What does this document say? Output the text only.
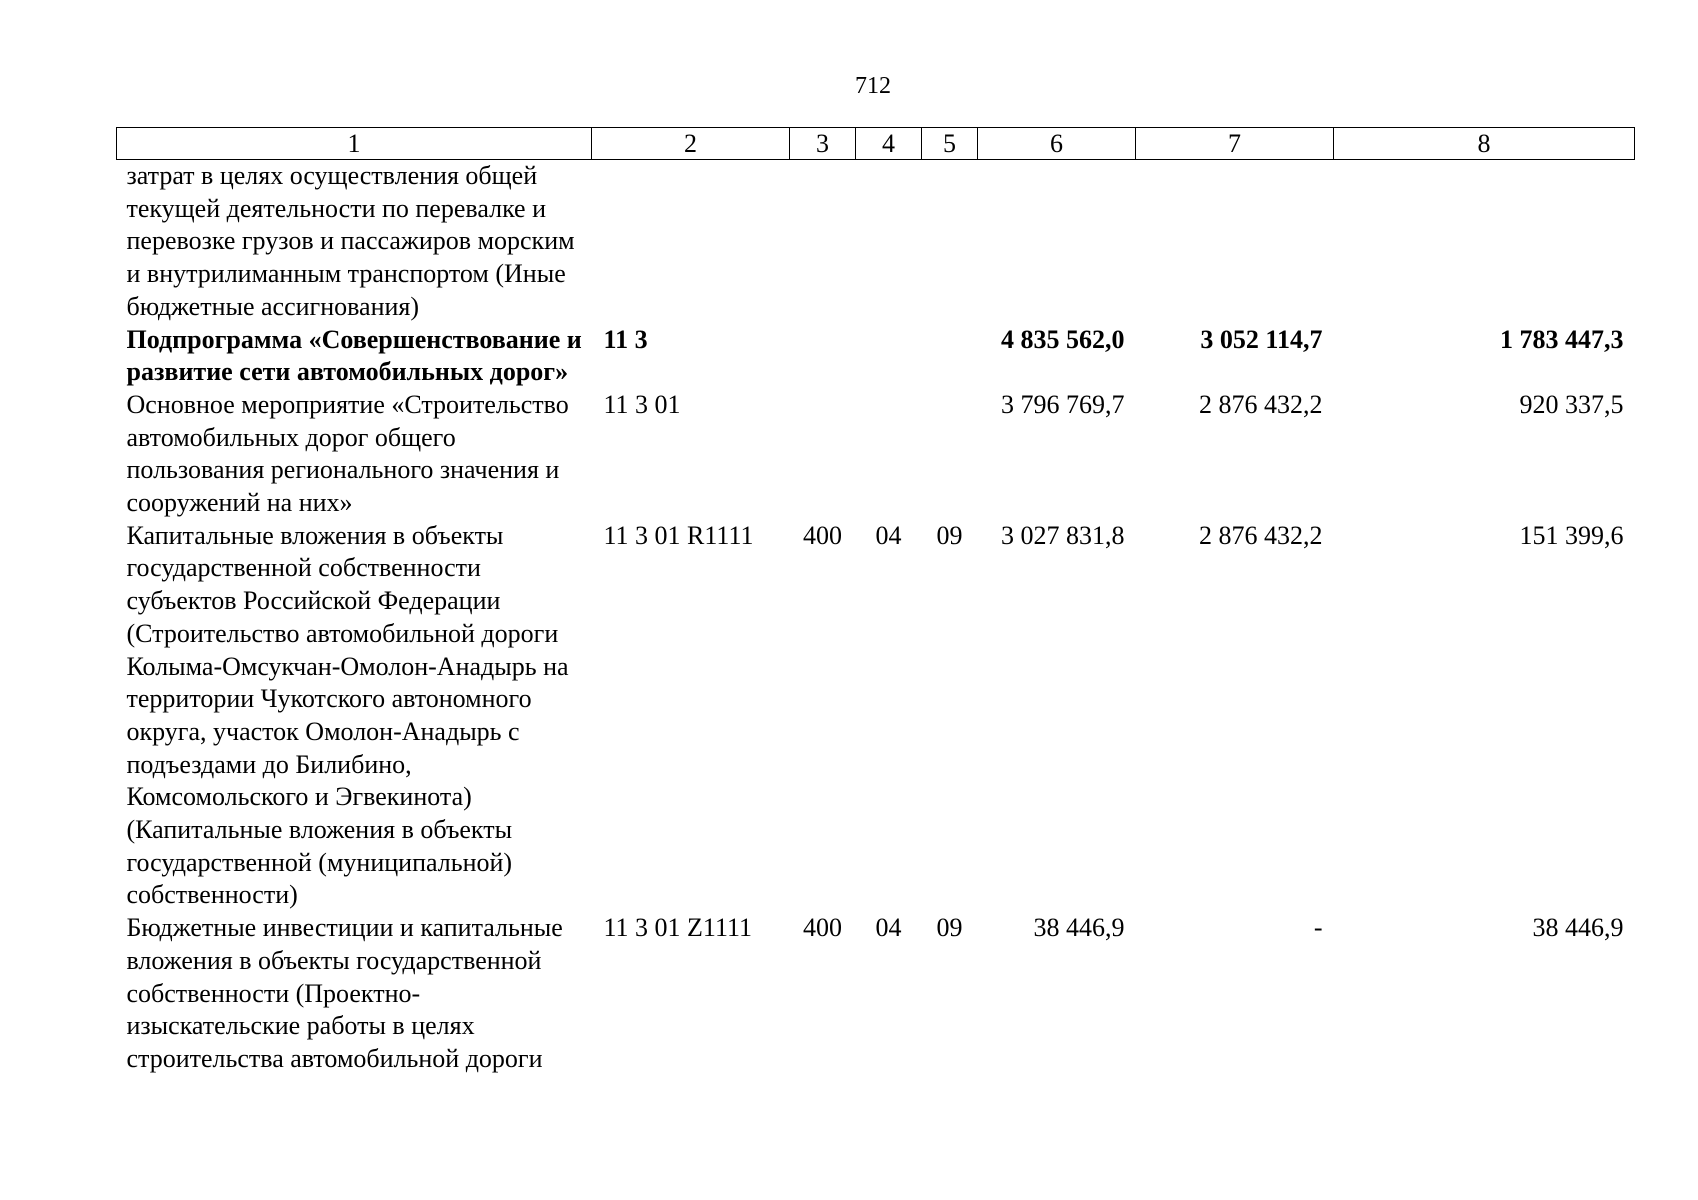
712
1	2	3	4	5	6	7	8
затрат в целях осуществления общей текущей деятельности по перевалке и перевозке грузов и пассажиров морским и внутрилиманным транспортом (Иные бюджетные ассигнования)							
Подпрограмма «Совершенствование и развитие сети автомобильных дорог»	11 3				4 835 562,0	3 052 114,7	1 783 447,3
Основное мероприятие «Строительство автомобильных дорог общего пользования регионального значения и сооружений на них»	11 3 01				3 796 769,7	2 876 432,2	920 337,5
Капитальные вложения в объекты государственной собственности субъектов Российской Федерации (Строительство автомобильной дороги Колыма-Омсукчан-Омолон-Анадырь на территории Чукотского автономного округа, участок Омолон-Анадырь с подъездами до Билибино, Комсомольского и Эгвекинота) (Капитальные вложения в объекты государственной (муниципальной) собственности)	11 3 01 R1111	400	04	09	3 027 831,8	2 876 432,2	151 399,6
Бюджетные инвестиции и капитальные вложения в объекты государственной собственности (Проектно-изыскательские работы в целях строительства автомобильной дороги	11 3 01 Z1111	400	04	09	38 446,9	-	38 446,9
